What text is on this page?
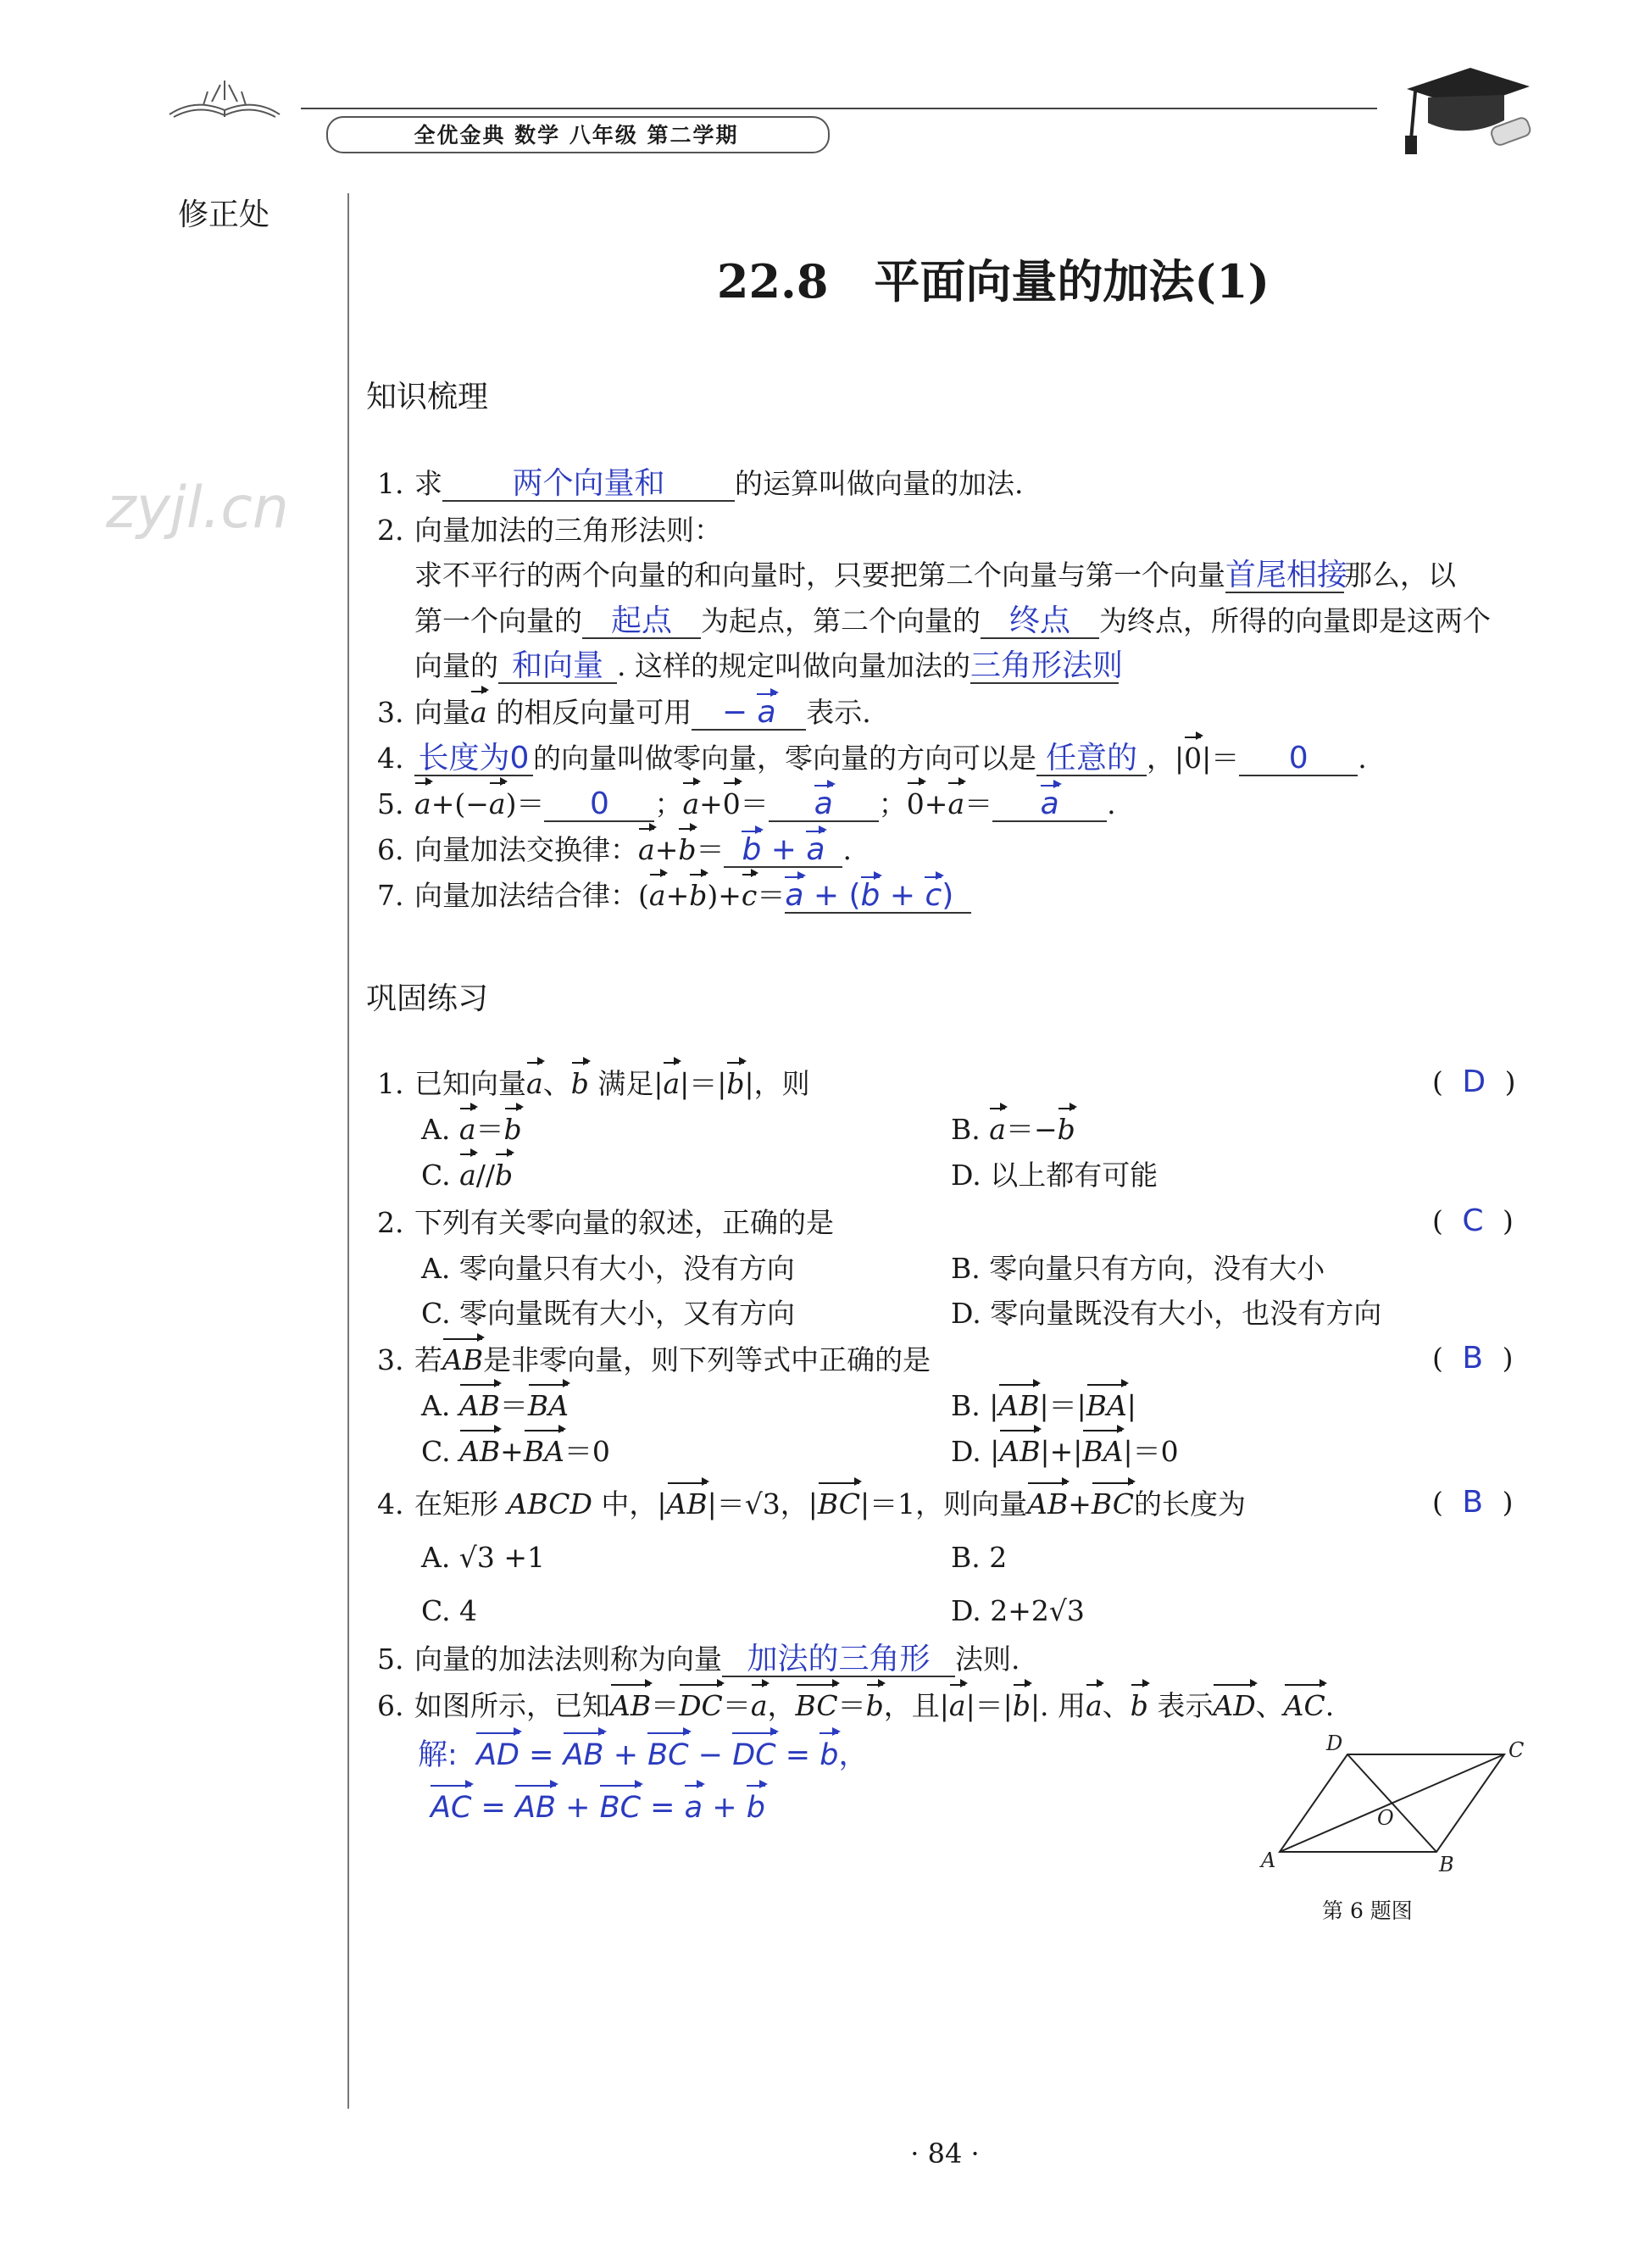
全优金典 数学 八年级 第二学期
修正处
zyjl.cn
22.8　平面向量的加法(1)
知识梳理
1. 求 两个向量和	的运算叫做向量的加法.
2. 向量加法的三角形法则：
求不平行的两个向量的和向量时，只要把第二个向量与第一个向量首尾相接那么，以
第一个向量的 起点 为起点，第二个向量的 终点 为终点，所得的向量即是这两个
向量的 和向量 . 这样的规定叫做向量加法的三角形法则
3. 向量a 的相反向量可用 − a 表示.
4. 长度为0 的向量叫做零向量，零向量的方向可以是 任意的 ，|0|＝ 0 .
5. a+(−a)＝ 0 ；a+0＝ a ；0+a＝ a .
6. 向量加法交换律：a+b＝ b + a .
7. 向量加法结合律：(a+b)+c＝a + (b + c)
巩固练习
1. 已知向量a、b 满足|a|＝|b|，则	( D )
A. a＝b	B. a＝−b
C. a//b	D. 以上都有可能
2. 下列有关零向量的叙述，正确的是	( C )
A. 零向量只有大小，没有方向	B. 零向量只有方向，没有大小
C. 零向量既有大小，又有方向	D. 零向量既没有大小，也没有方向
3. 若AB是非零向量，则下列等式中正确的是	( B )
A. AB＝BA	B. |AB|＝|BA|
C. AB+BA＝0	D. |AB|+|BA|＝0
4. 在矩形 ABCD 中，|AB|＝√3，|BC|＝1，则向量AB+BC的长度为	( B )
A. √3 +1	B. 2
C. 4	D. 2+2√3
5. 向量的加法法则称为向量 加法的三角形 法则.
6. 如图所示，已知AB＝DC＝a，BC＝b，且|a|＝|b|. 用a、b 表示AD、AC.
解: AD = AB + BC − DC = b，
AC = AB + BC = a + b
A	B
C
D
O
第 6 题图
· 84 ·
